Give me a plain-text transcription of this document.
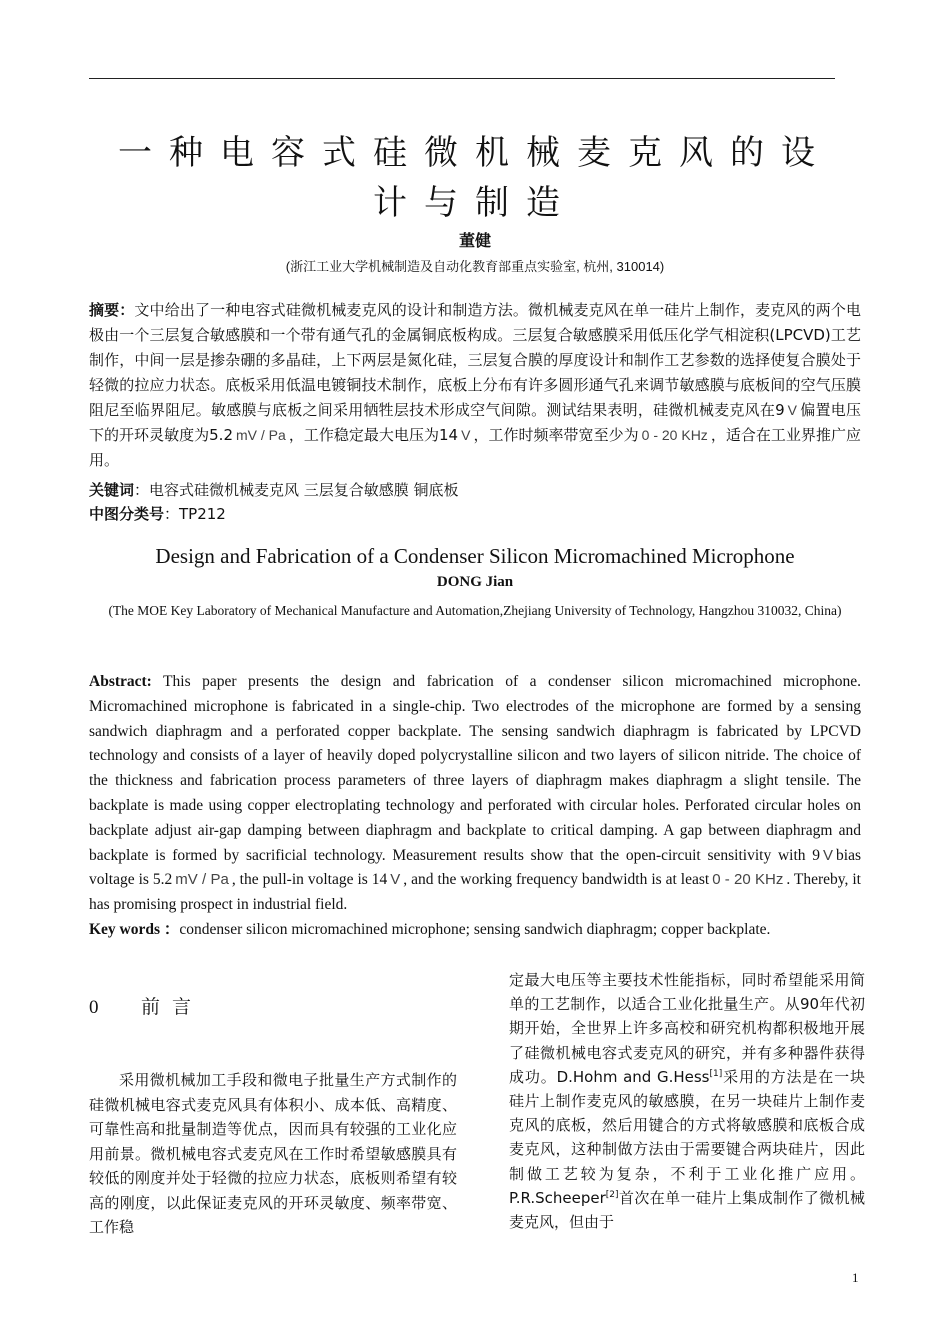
一种电容式硅微机械麦克风的设计与制造
董健
(浙江工业大学机械制造及自动化教育部重点实验室, 杭州, 310014)
摘要：文中给出了一种电容式硅微机械麦克风的设计和制造方法。微机械麦克风在单一硅片上制作，麦克风的两个电极由一个三层复合敏感膜和一个带有通气孔的金属铜底板构成。三层复合敏感膜采用低压化学气相淀积(LPCVD)工艺制作，中间一层是掺杂硼的多晶硅，上下两层是氮化硅，三层复合膜的厚度设计和制作工艺参数的选择使复合膜处于轻微的拉应力状态。底板采用低温电镀铜技术制作，底板上分布有许多圆形通气孔来调节敏感膜与底板间的空气压膜阻尼至临界阻尼。敏感膜与底板之间采用牺牲层技术形成空气间隙。测试结果表明，硅微机械麦克风在9 V 偏置电压下的开环灵敏度为5.2 mV / Pa ，工作稳定最大电压为14 V ，工作时频率带宽至少为 0 - 20 KHz ，适合在工业界推广应用。
关键词：电容式硅微机械麦克风 三层复合敏感膜 铜底板
中图分类号：TP212
Design and Fabrication of a Condenser Silicon Micromachined Microphone
DONG Jian
(The MOE Key Laboratory of Mechanical Manufacture and Automation,Zhejiang University of Technology, Hangzhou 310032, China)
Abstract: This paper presents the design and fabrication of a condenser silicon micromachined microphone. Micromachined microphone is fabricated in a single-chip. Two electrodes of the microphone are formed by a sensing sandwich diaphragm and a perforated copper backplate. The sensing sandwich diaphragm is fabricated by LPCVD technology and consists of a layer of heavily doped polycrystalline silicon and two layers of silicon nitride. The choice of the thickness and fabrication process parameters of three layers of diaphragm makes diaphragm a slight tensile. The backplate is made using copper electroplating technology and perforated with circular holes. Perforated circular holes on backplate adjust air-gap damping between diaphragm and backplate to critical damping. A gap between diaphragm and backplate is formed by sacrificial technology. Measurement results show that the open-circuit sensitivity with 9 V bias voltage is 5.2 mV / Pa , the pull-in voltage is 14 V , and the working frequency bandwidth is at least 0 - 20 KHz . Thereby, it has promising prospect in industrial field.
Key words ：condenser silicon micromachined microphone; sensing sandwich diaphragm; copper backplate.
0 前言
采用微机械加工手段和微电子批量生产方式制作的硅微机械电容式麦克风具有体积小、成本低、高精度、可靠性高和批量制造等优点，因而具有较强的工业化应用前景。微机械电容式麦克风在工作时希望敏感膜具有较低的刚度并处于轻微的拉应力状态，底板则希望有较高的刚度，以此保证麦克风的开环灵敏度、频率带宽、工作稳
定最大电压等主要技术性能指标，同时希望能采用简单的工艺制作，以适合工业化批量生产。从90年代初期开始，全世界上许多高校和研究机构都积极地开展了硅微机械电容式麦克风的研究，并有多种器件获得成功。D.Hohm and G.Hess[1]采用的方法是在一块硅片上制作麦克风的敏感膜，在另一块硅片上制作麦克风的底板，然后用键合的方式将敏感膜和底板合成麦克风，这种制做方法由于需要键合两块硅片，因此制做工艺较为复杂，不利于工业化推广应用。P.R.Scheeper[2]首次在单一硅片上集成制作了微机械麦克风，但由于
1
